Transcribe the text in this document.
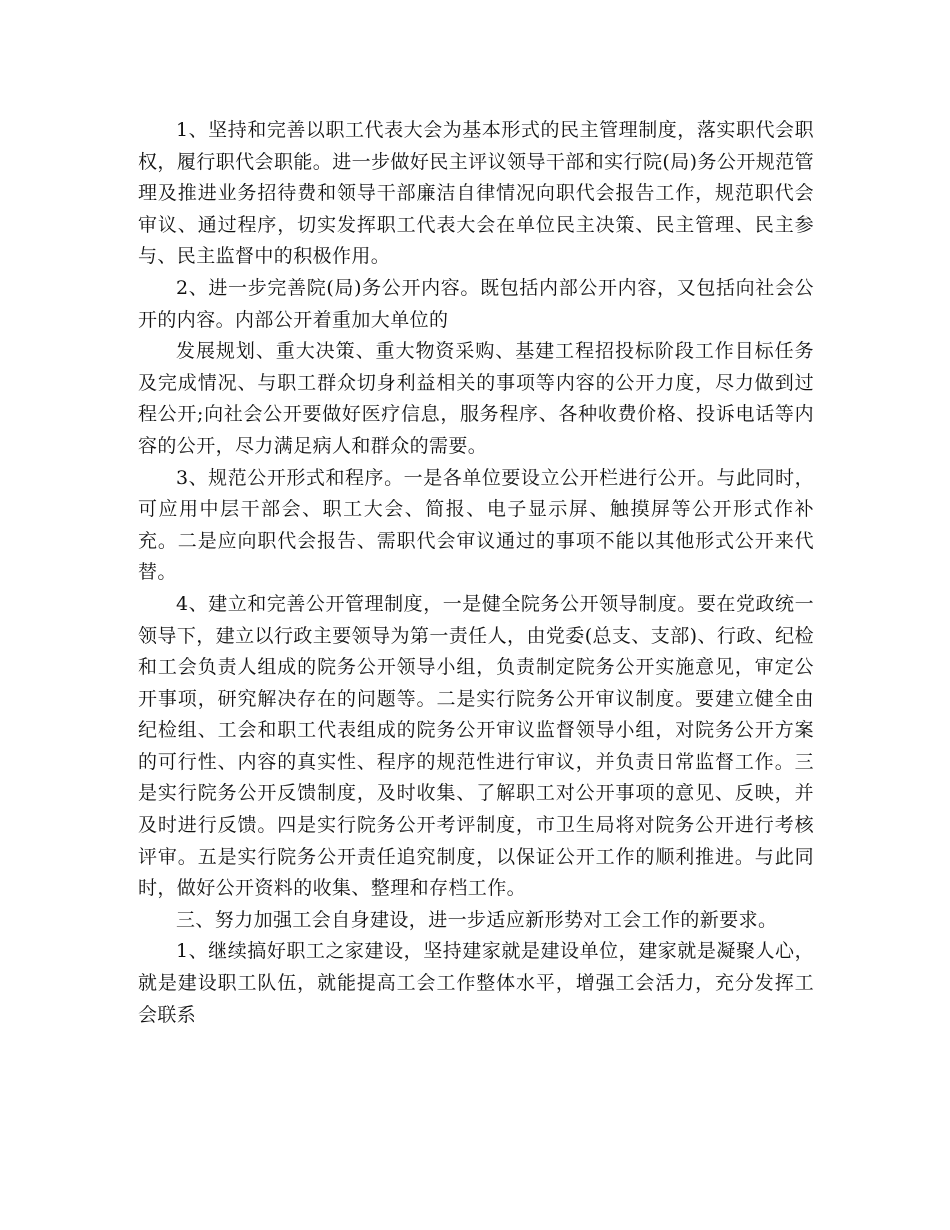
1、坚持和完善以职工代表大会为基本形式的民主管理制度，落实职代会职权，履行职代会职能。进一步做好民主评议领导干部和实行院(局)务公开规范管理及推进业务招待费和领导干部廉洁自律情况向职代会报告工作，规范职代会审议、通过程序，切实发挥职工代表大会在单位民主决策、民主管理、民主参与、民主监督中的积极作用。

2、进一步完善院(局)务公开内容。既包括内部公开内容，又包括向社会公开的内容。内部公开着重加大单位的

发展规划、重大决策、重大物资采购、基建工程招投标阶段工作目标任务及完成情况、与职工群众切身利益相关的事项等内容的公开力度，尽力做到过程公开;向社会公开要做好医疗信息，服务程序、各种收费价格、投诉电话等内容的公开，尽力满足病人和群众的需要。

3、规范公开形式和程序。一是各单位要设立公开栏进行公开。与此同时，可应用中层干部会、职工大会、简报、电子显示屏、触摸屏等公开形式作补充。二是应向职代会报告、需职代会审议通过的事项不能以其他形式公开来代替。

4、建立和完善公开管理制度，一是健全院务公开领导制度。要在党政统一领导下，建立以行政主要领导为第一责任人，由党委(总支、支部)、行政、纪检和工会负责人组成的院务公开领导小组，负责制定院务公开实施意见，审定公开事项，研究解决存在的问题等。二是实行院务公开审议制度。要建立健全由纪检组、工会和职工代表组成的院务公开审议监督领导小组，对院务公开方案的可行性、内容的真实性、程序的规范性进行审议，并负责日常监督工作。三是实行院务公开反馈制度，及时收集、了解职工对公开事项的意见、反映，并及时进行反馈。四是实行院务公开考评制度，市卫生局将对院务公开进行考核评审。五是实行院务公开责任追究制度，以保证公开工作的顺利推进。与此同时，做好公开资料的收集、整理和存档工作。

三、努力加强工会自身建设，进一步适应新形势对工会工作的新要求。

1、继续搞好职工之家建设，坚持建家就是建设单位，建家就是凝聚人心，就是建设职工队伍，就能提高工会工作整体水平，增强工会活力，充分发挥工会联系
